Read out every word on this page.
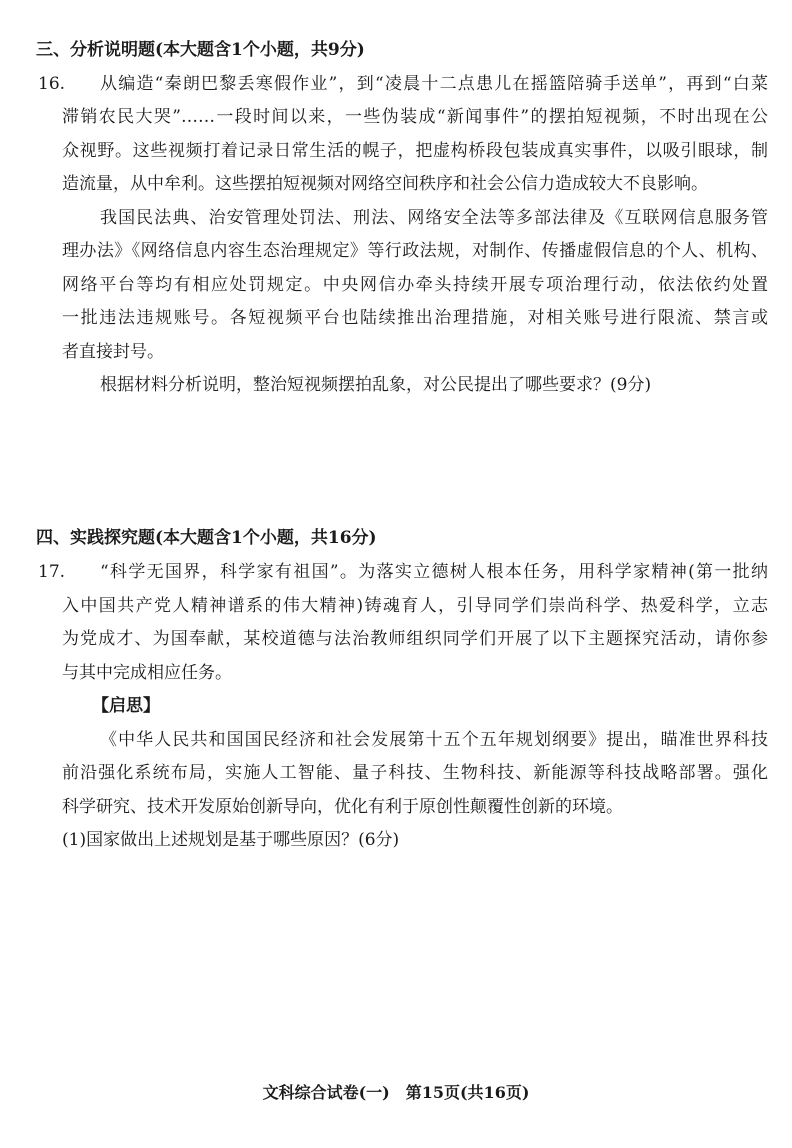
三、分析说明题(本大题含1个小题，共9分)
16. 从编造“秦朗巴黎丢寒假作业”，到“凌晨十二点患儿在摇篮陪骑手送单”，再到“白菜
滞销农民大哭”……一段时间以来，一些伪装成“新闻事件”的摆拍短视频，不时出现在公
众视野。这些视频打着记录日常生活的幌子，把虚构桥段包装成真实事件，以吸引眼球，制
造流量，从中牟利。这些摆拍短视频对网络空间秩序和社会公信力造成较大不良影响。
我国民法典、治安管理处罚法、刑法、网络安全法等多部法律及《互联网信息服务管
理办法》《网络信息内容生态治理规定》等行政法规，对制作、传播虚假信息的个人、机构、
网络平台等均有相应处罚规定。中央网信办牵头持续开展专项治理行动，依法依约处置
一批违法违规账号。各短视频平台也陆续推出治理措施，对相关账号进行限流、禁言或
者直接封号。
根据材料分析说明，整治短视频摆拍乱象，对公民提出了哪些要求？(9分)
四、实践探究题(本大题含1个小题，共16分)
17. “科学无国界，科学家有祖国”。为落实立德树人根本任务，用科学家精神(第一批纳
入中国共产党人精神谱系的伟大精神)铸魂育人，引导同学们崇尚科学、热爱科学，立志
为党成才、为国奉献，某校道德与法治教师组织同学们开展了以下主题探究活动，请你参
与其中完成相应任务。
【启思】
《中华人民共和国国民经济和社会发展第十五个五年规划纲要》提出，瞄准世界科技
前沿强化系统布局，实施人工智能、量子科技、生物科技、新能源等科技战略部署。强化
科学研究、技术开发原始创新导向，优化有利于原创性颠覆性创新的环境。
(1)国家做出上述规划是基于哪些原因？(6分)
文科综合试卷(一)　第15页(共16页)
